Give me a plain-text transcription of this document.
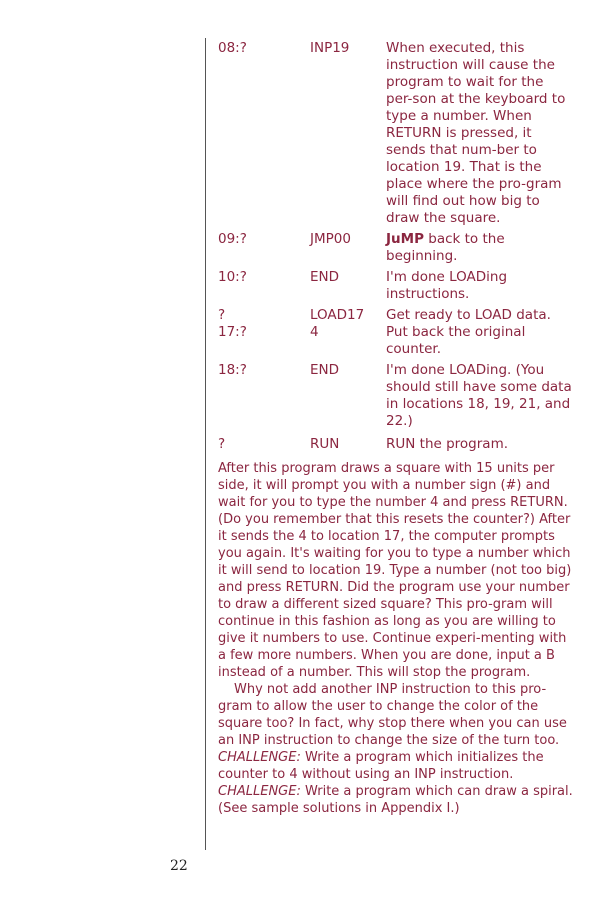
08:?	INP19	When executed, this instruction will cause the program to wait for the per-son at the keyboard to type a number. When RETURN is pressed, it sends that num-ber to location 19. That is the place where the pro-gram will find out how big to draw the square.
09:?	JMP00	JuMP back to the beginning.
10:?	END	I'm done LOADing instructions.
?	LOAD17	Get ready to LOAD data.
17:?	4	Put back the original counter.
18:?	END	I'm done LOADing. (You should still have some data in locations 18, 19, 21, and 22.)
?	RUN	RUN the program.

After this program draws a square with 15 units per side, it will prompt you with a number sign (#) and wait for you to type the number 4 and press RETURN. (Do you remember that this resets the counter?) After it sends the 4 to location 17, the computer prompts you again. It's waiting for you to type a number which it will send to location 19. Type a number (not too big) and press RETURN. Did the program use your number to draw a different sized square? This pro-gram will continue in this fashion as long as you are willing to give it numbers to use. Continue experi-menting with a few more numbers. When you are done, input a B instead of a number. This will stop the program.

Why not add another INP instruction to this pro-gram to allow the user to change the color of the square too? In fact, why stop there when you can use an INP instruction to change the size of the turn too.

CHALLENGE: Write a program which initializes the counter to 4 without using an INP instruction.

CHALLENGE: Write a program which can draw a spiral.

(See sample solutions in Appendix I.)

22
